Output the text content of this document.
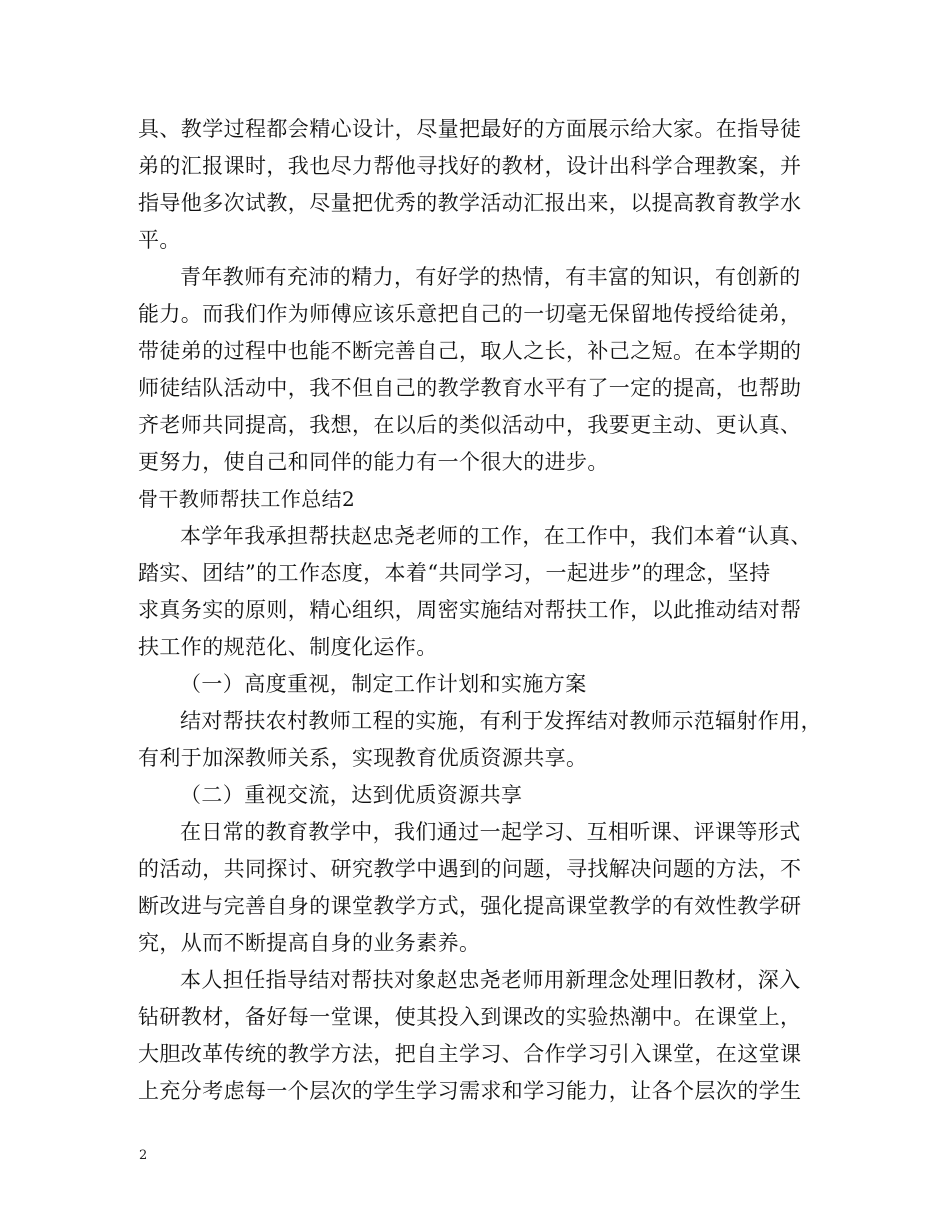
具、教学过程都会精心设计，尽量把最好的方面展示给大家。在指导徒
弟的汇报课时，我也尽力帮他寻找好的教材，设计出科学合理教案，并
指导他多次试教，尽量把优秀的教学活动汇报出来，以提高教育教学水
平。
青年教师有充沛的精力，有好学的热情，有丰富的知识，有创新的
能力。而我们作为师傅应该乐意把自己的一切毫无保留地传授给徒弟，
带徒弟的过程中也能不断完善自己，取人之长，补己之短。在本学期的
师徒结队活动中，我不但自己的教学教育水平有了一定的提高，也帮助
齐老师共同提高，我想，在以后的类似活动中，我要更主动、更认真、
更努力，使自己和同伴的能力有一个很大的进步。
骨干教师帮扶工作总结2
本学年我承担帮扶赵忠尧老师的工作，在工作中，我们本着“认真、
踏实、团结”的工作态度，本着“共同学习，一起进步”的理念，坚持
求真务实的原则，精心组织，周密实施结对帮扶工作，以此推动结对帮
扶工作的规范化、制度化运作。
（一）高度重视，制定工作计划和实施方案
结对帮扶农村教师工程的实施，有利于发挥结对教师示范辐射作用，
有利于加深教师关系，实现教育优质资源共享。
（二）重视交流，达到优质资源共享
在日常的教育教学中，我们通过一起学习、互相听课、评课等形式
的活动，共同探讨、研究教学中遇到的问题，寻找解决问题的方法，不
断改进与完善自身的课堂教学方式，强化提高课堂教学的有效性教学研
究，从而不断提高自身的业务素养。
本人担任指导结对帮扶对象赵忠尧老师用新理念处理旧教材，深入
钻研教材，备好每一堂课，使其投入到课改的实验热潮中。在课堂上，
大胆改革传统的教学方法，把自主学习、合作学习引入课堂，在这堂课
上充分考虑每一个层次的学生学习需求和学习能力，让各个层次的学生
2
